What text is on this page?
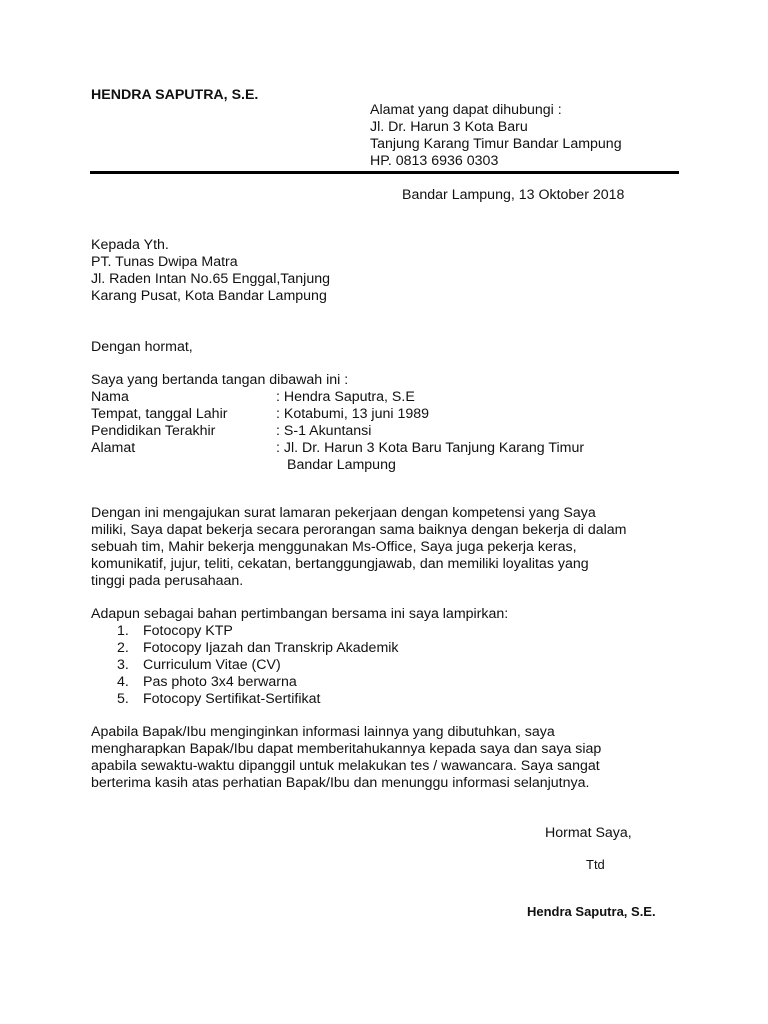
HENDRA SAPUTRA, S.E.
Alamat yang dapat dihubungi :
Jl. Dr. Harun 3 Kota Baru
Tanjung Karang Timur Bandar Lampung
HP. 0813 6936 0303
Bandar Lampung, 13 Oktober 2018
Kepada Yth.
PT. Tunas Dwipa Matra
Jl. Raden Intan No.65 Enggal,Tanjung
Karang Pusat, Kota Bandar Lampung
Dengan hormat,
Saya yang bertanda tangan dibawah ini :
Nama	: Hendra Saputra, S.E
Tempat, tanggal Lahir	: Kotabumi, 13 juni 1989
Pendidikan Terakhir	: S-1 Akuntansi
Alamat	: Jl. Dr. Harun 3 Kota Baru Tanjung Karang Timur
Bandar Lampung
Dengan ini mengajukan surat lamaran pekerjaan dengan kompetensi yang Saya
miliki, Saya dapat bekerja secara perorangan sama baiknya dengan bekerja di dalam
sebuah tim, Mahir bekerja menggunakan Ms-Office, Saya juga pekerja keras,
komunikatif, jujur, teliti, cekatan, bertanggungjawab, dan memiliki loyalitas yang
tinggi pada perusahaan.
Adapun sebagai bahan pertimbangan bersama ini saya lampirkan:
1. Fotocopy KTP
2. Fotocopy Ijazah dan Transkrip Akademik
3. Curriculum Vitae (CV)
4. Pas photo 3x4 berwarna
5. Fotocopy Sertifikat-Sertifikat
Apabila Bapak/Ibu menginginkan informasi lainnya yang dibutuhkan, saya
mengharapkan Bapak/Ibu dapat memberitahukannya kepada saya dan saya siap
apabila sewaktu-waktu dipanggil untuk melakukan tes / wawancara. Saya sangat
berterima kasih atas perhatian Bapak/Ibu dan menunggu informasi selanjutnya.
Hormat Saya,
Ttd
Hendra Saputra, S.E.
